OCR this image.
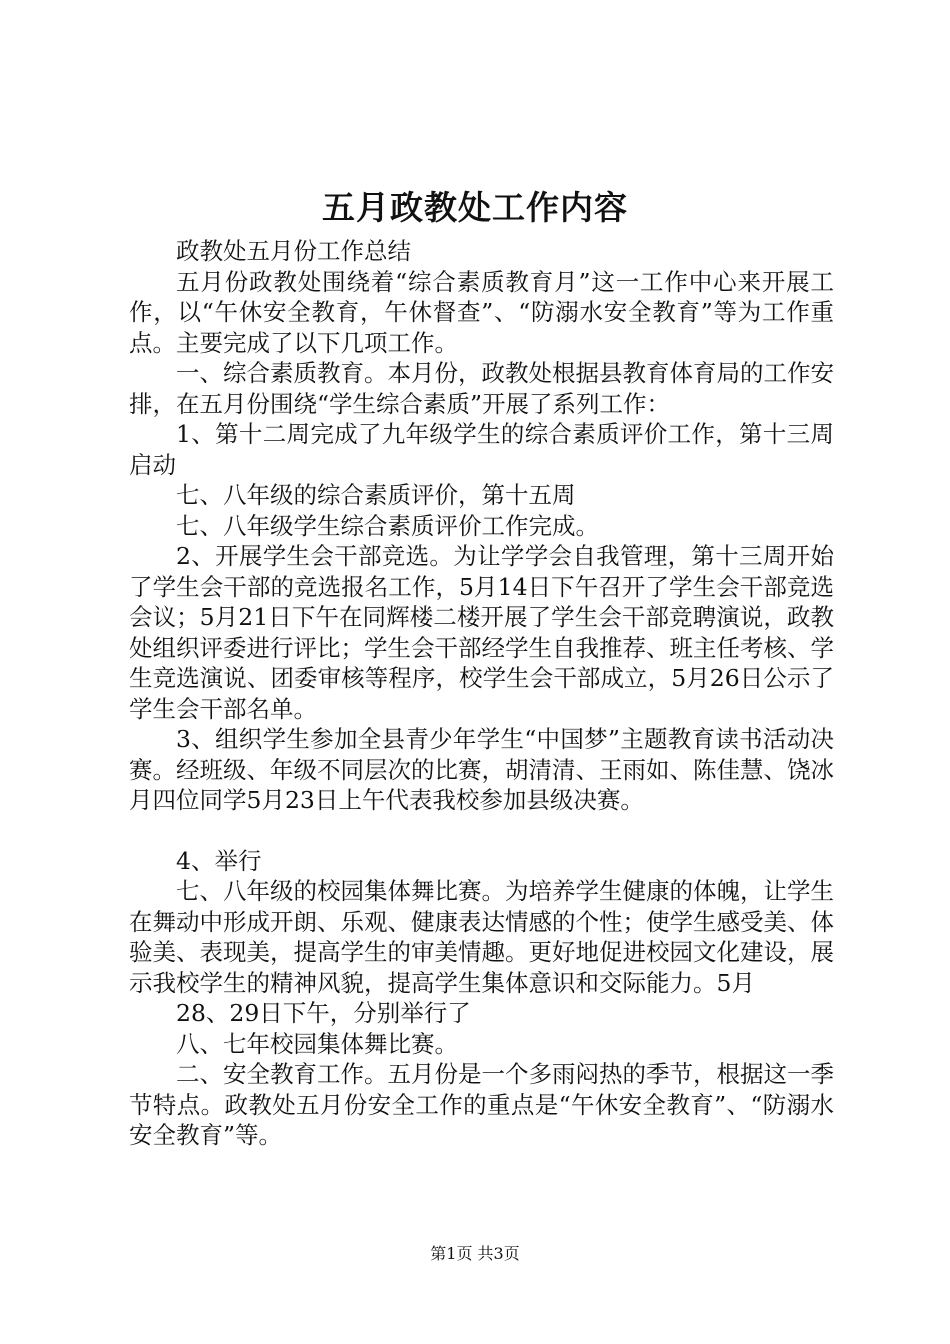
五月政教处工作内容

政教处五月份工作总结

五月份政教处围绕着“综合素质教育月”这一工作中心来开展工作，以“午休安全教育，午休督查”、“防溺水安全教育”等为工作重点。主要完成了以下几项工作。

一、综合素质教育。本月份，政教处根据县教育体育局的工作安排，在五月份围绕“学生综合素质”开展了系列工作：

1、第十二周完成了九年级学生的综合素质评价工作，第十三周启动

七、八年级的综合素质评价，第十五周

七、八年级学生综合素质评价工作完成。

2、开展学生会干部竞选。为让学学会自我管理，第十三周开始了学生会干部的竞选报名工作，5月14日下午召开了学生会干部竞选会议；5月21日下午在同辉楼二楼开展了学生会干部竞聘演说，政教处组织评委进行评比；学生会干部经学生自我推荐、班主任考核、学生竞选演说、团委审核等程序，校学生会干部成立，5月26日公示了学生会干部名单。

3、组织学生参加全县青少年学生“中国梦”主题教育读书活动决赛。经班级、年级不同层次的比赛，胡清清、王雨如、陈佳慧、饶冰月四位同学5月23日上午代表我校参加县级决赛。

4、举行

七、八年级的校园集体舞比赛。为培养学生健康的体魄，让学生在舞动中形成开朗、乐观、健康表达情感的个性；使学生感受美、体验美、表现美，提高学生的审美情趣。更好地促进校园文化建设，展示我校学生的精神风貌，提高学生集体意识和交际能力。5月

28、29日下午，分别举行了

八、七年校园集体舞比赛。

二、安全教育工作。五月份是一个多雨闷热的季节，根据这一季节特点。政教处五月份安全工作的重点是“午休安全教育”、“防溺水安全教育”等。

第1页 共3页
